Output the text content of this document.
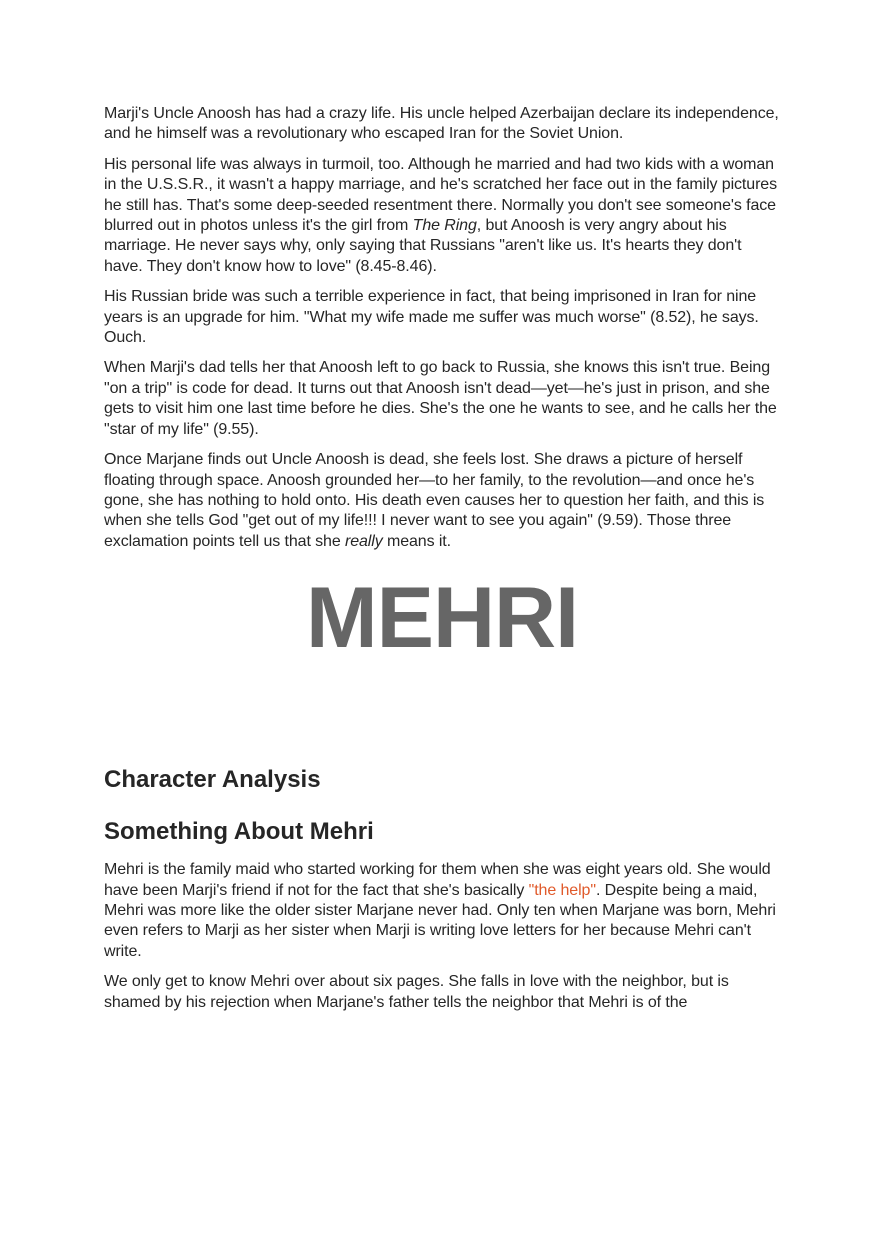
Marji's Uncle Anoosh has had a crazy life. His uncle helped Azerbaijan declare its independence, and he himself was a revolutionary who escaped Iran for the Soviet Union.

His personal life was always in turmoil, too. Although he married and had two kids with a woman in the U.S.S.R., it wasn't a happy marriage, and he's scratched her face out in the family pictures he still has. That's some deep-seeded resentment there. Normally you don't see someone's face blurred out in photos unless it's the girl from The Ring, but Anoosh is very angry about his marriage. He never says why, only saying that Russians "aren't like us. It's hearts they don't have. They don't know how to love" (8.45-8.46).

His Russian bride was such a terrible experience in fact, that being imprisoned in Iran for nine years is an upgrade for him. "What my wife made me suffer was much worse" (8.52), he says. Ouch.

When Marji's dad tells her that Anoosh left to go back to Russia, she knows this isn't true. Being "on a trip" is code for dead. It turns out that Anoosh isn't dead—yet—he's just in prison, and she gets to visit him one last time before he dies. She's the one he wants to see, and he calls her the "star of my life" (9.55).

Once Marjane finds out Uncle Anoosh is dead, she feels lost. She draws a picture of herself floating through space. Anoosh grounded her—to her family, to the revolution—and once he's gone, she has nothing to hold onto. His death even causes her to question her faith, and this is when she tells God "get out of my life!!! I never want to see you again" (9.59). Those three exclamation points tell us that she really means it.

MEHRI
Character Analysis
Something About Mehri

Mehri is the family maid who started working for them when she was eight years old. She would have been Marji's friend if not for the fact that she's basically "the help". Despite being a maid, Mehri was more like the older sister Marjane never had. Only ten when Marjane was born, Mehri even refers to Marji as her sister when Marji is writing love letters for her because Mehri can't write.

We only get to know Mehri over about six pages. She falls in love with the neighbor, but is shamed by his rejection when Marjane's father tells the neighbor that Mehri is of the
